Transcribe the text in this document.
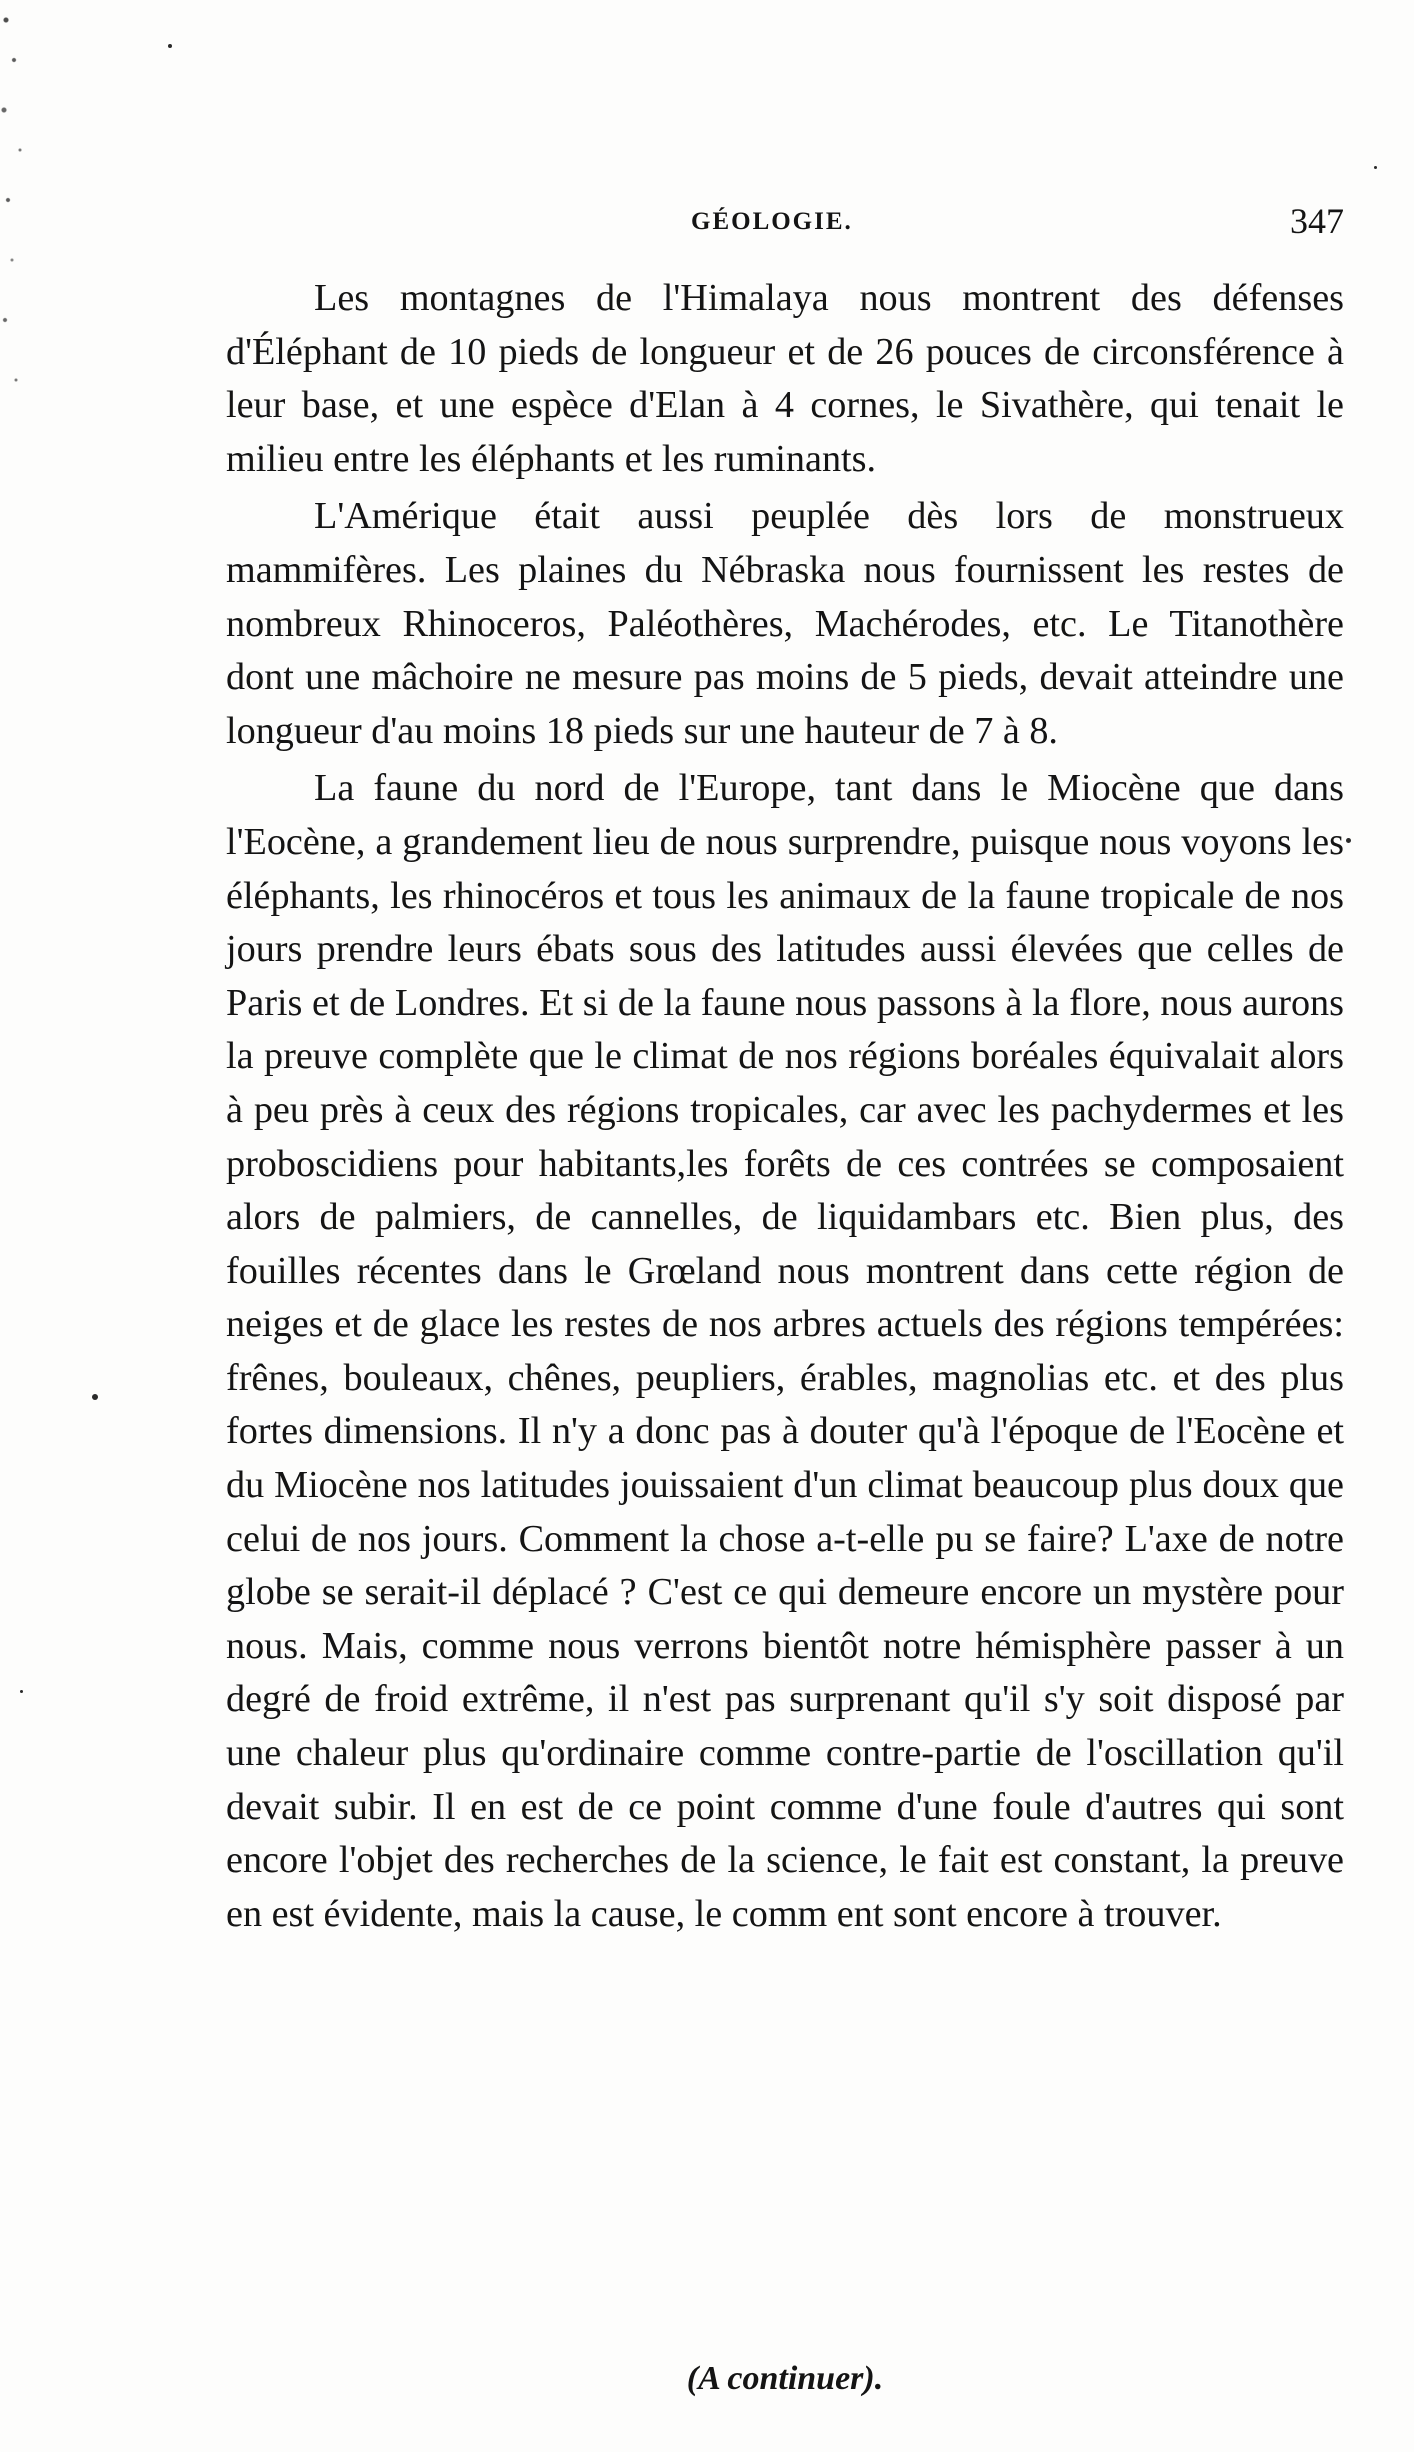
GÉOLOGIE.	347

Les montagnes de l'Himalaya nous montrent des défenses d'Éléphant de 10 pieds de longueur et de 26 pouces de circonsférence à leur base, et une espèce d'Elan à 4 cornes, le Sivathère, qui tenait le milieu entre les éléphants et les ruminants.

L'Amérique était aussi peuplée dès lors de monstrueux mammifères. Les plaines du Nébraska nous fournissent les restes de nombreux Rhinoceros, Paléothères, Machérodes, etc. Le Titanothère dont une mâchoire ne mesure pas moins de 5 pieds, devait atteindre une longueur d'au moins 18 pieds sur une hauteur de 7 à 8.

La faune du nord de l'Europe, tant dans le Miocène que dans l'Eocène, a grandement lieu de nous surprendre, puisque nous voyons les éléphants, les rhinocéros et tous les animaux de la faune tropicale de nos jours prendre leurs ébats sous des latitudes aussi élevées que celles de Paris et de Londres. Et si de la faune nous passons à la flore, nous aurons la preuve complète que le climat de nos régions boréales équivalait alors à peu près à ceux des régions tropicales, car avec les pachydermes et les proboscidiens pour habitants,les forêts de ces contrées se composaient alors de palmiers, de cannelles, de liquidambars etc. Bien plus, des fouilles récentes dans le Grœland nous montrent dans cette région de neiges et de glace les restes de nos arbres actuels des régions tempérées: frênes, bouleaux, chênes, peupliers, érables, magnolias etc. et des plus fortes dimensions. Il n'y a donc pas à douter qu'à l'époque de l'Eocène et du Miocène nos latitudes jouissaient d'un climat beaucoup plus doux que celui de nos jours. Comment la chose a-t-elle pu se faire? L'axe de notre globe se serait-il déplacé ? C'est ce qui demeure encore un mystère pour nous. Mais, comme nous verrons bientôt notre hémisphère passer à un degré de froid extrême, il n'est pas surprenant qu'il s'y soit disposé par une chaleur plus qu'ordinaire comme contre-partie de l'oscillation qu'il devait subir. Il en est de ce point comme d'une foule d'autres qui sont encore l'objet des recherches de la science, le fait est constant, la preuve en est évidente, mais la cause, le comm ent sont encore à trouver.

(A continuer).
